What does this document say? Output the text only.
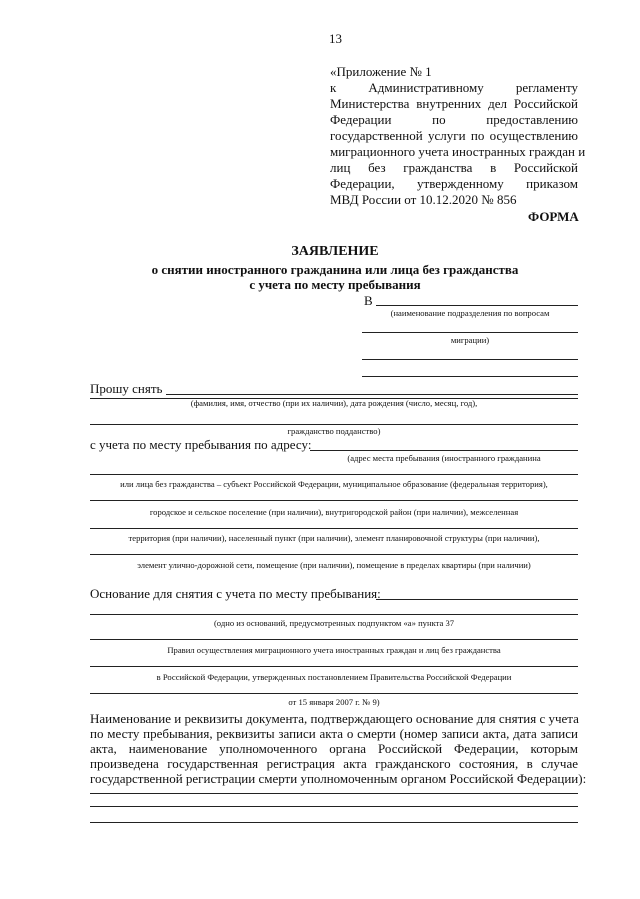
13
«Приложение № 1
к Административному регламенту
Министерства внутренних дел Российской
Федерации по предоставлению
государственной услуги по осуществлению
миграционного учета иностранных граждан и
лиц без гражданства в Российской
Федерации, утвержденному приказом
МВД России от 10.12.2020 № 856
ФОРМА
ЗАЯВЛЕНИЕ
о снятии иностранного гражданина или лица без гражданства
с учета по месту пребывания
В
(наименование подразделения по вопросам
миграции)
Прошу снять
(фамилия, имя, отчество (при их наличии), дата рождения (число, месяц, год),
гражданство подданство)
с учета по месту пребывания по адресу:
(адрес места пребывания (иностранного гражданина
или лица без гражданства – субъект Российской Федерации, муниципальное образование (федеральная территория),
городское и сельское поселение (при наличии), внутригородской район (при наличии), межселенная
территория (при наличии), населенный пункт (при наличии), элемент планировочной структуры (при наличии),
элемент улично-дорожной сети, помещение (при наличии), помещение в пределах квартиры (при наличии)
Основание для снятия с учета по месту пребывания:
(одно из оснований, предусмотренных подпунктом «а» пункта 37
Правил осуществления миграционного учета иностранных граждан и лиц без гражданства
в Российской Федерации, утвержденных постановлением Правительства Российской Федерации
от 15 января 2007 г. № 9)
Наименование и реквизиты документа, подтверждающего основание для снятия с учета
по месту пребывания, реквизиты записи акта о смерти (номер записи акта, дата записи
акта, наименование уполномоченного органа Российской Федерации, которым
произведена государственная регистрация акта гражданского состояния, в случае
государственной регистрации смерти уполномоченным органом Российской Федерации):
